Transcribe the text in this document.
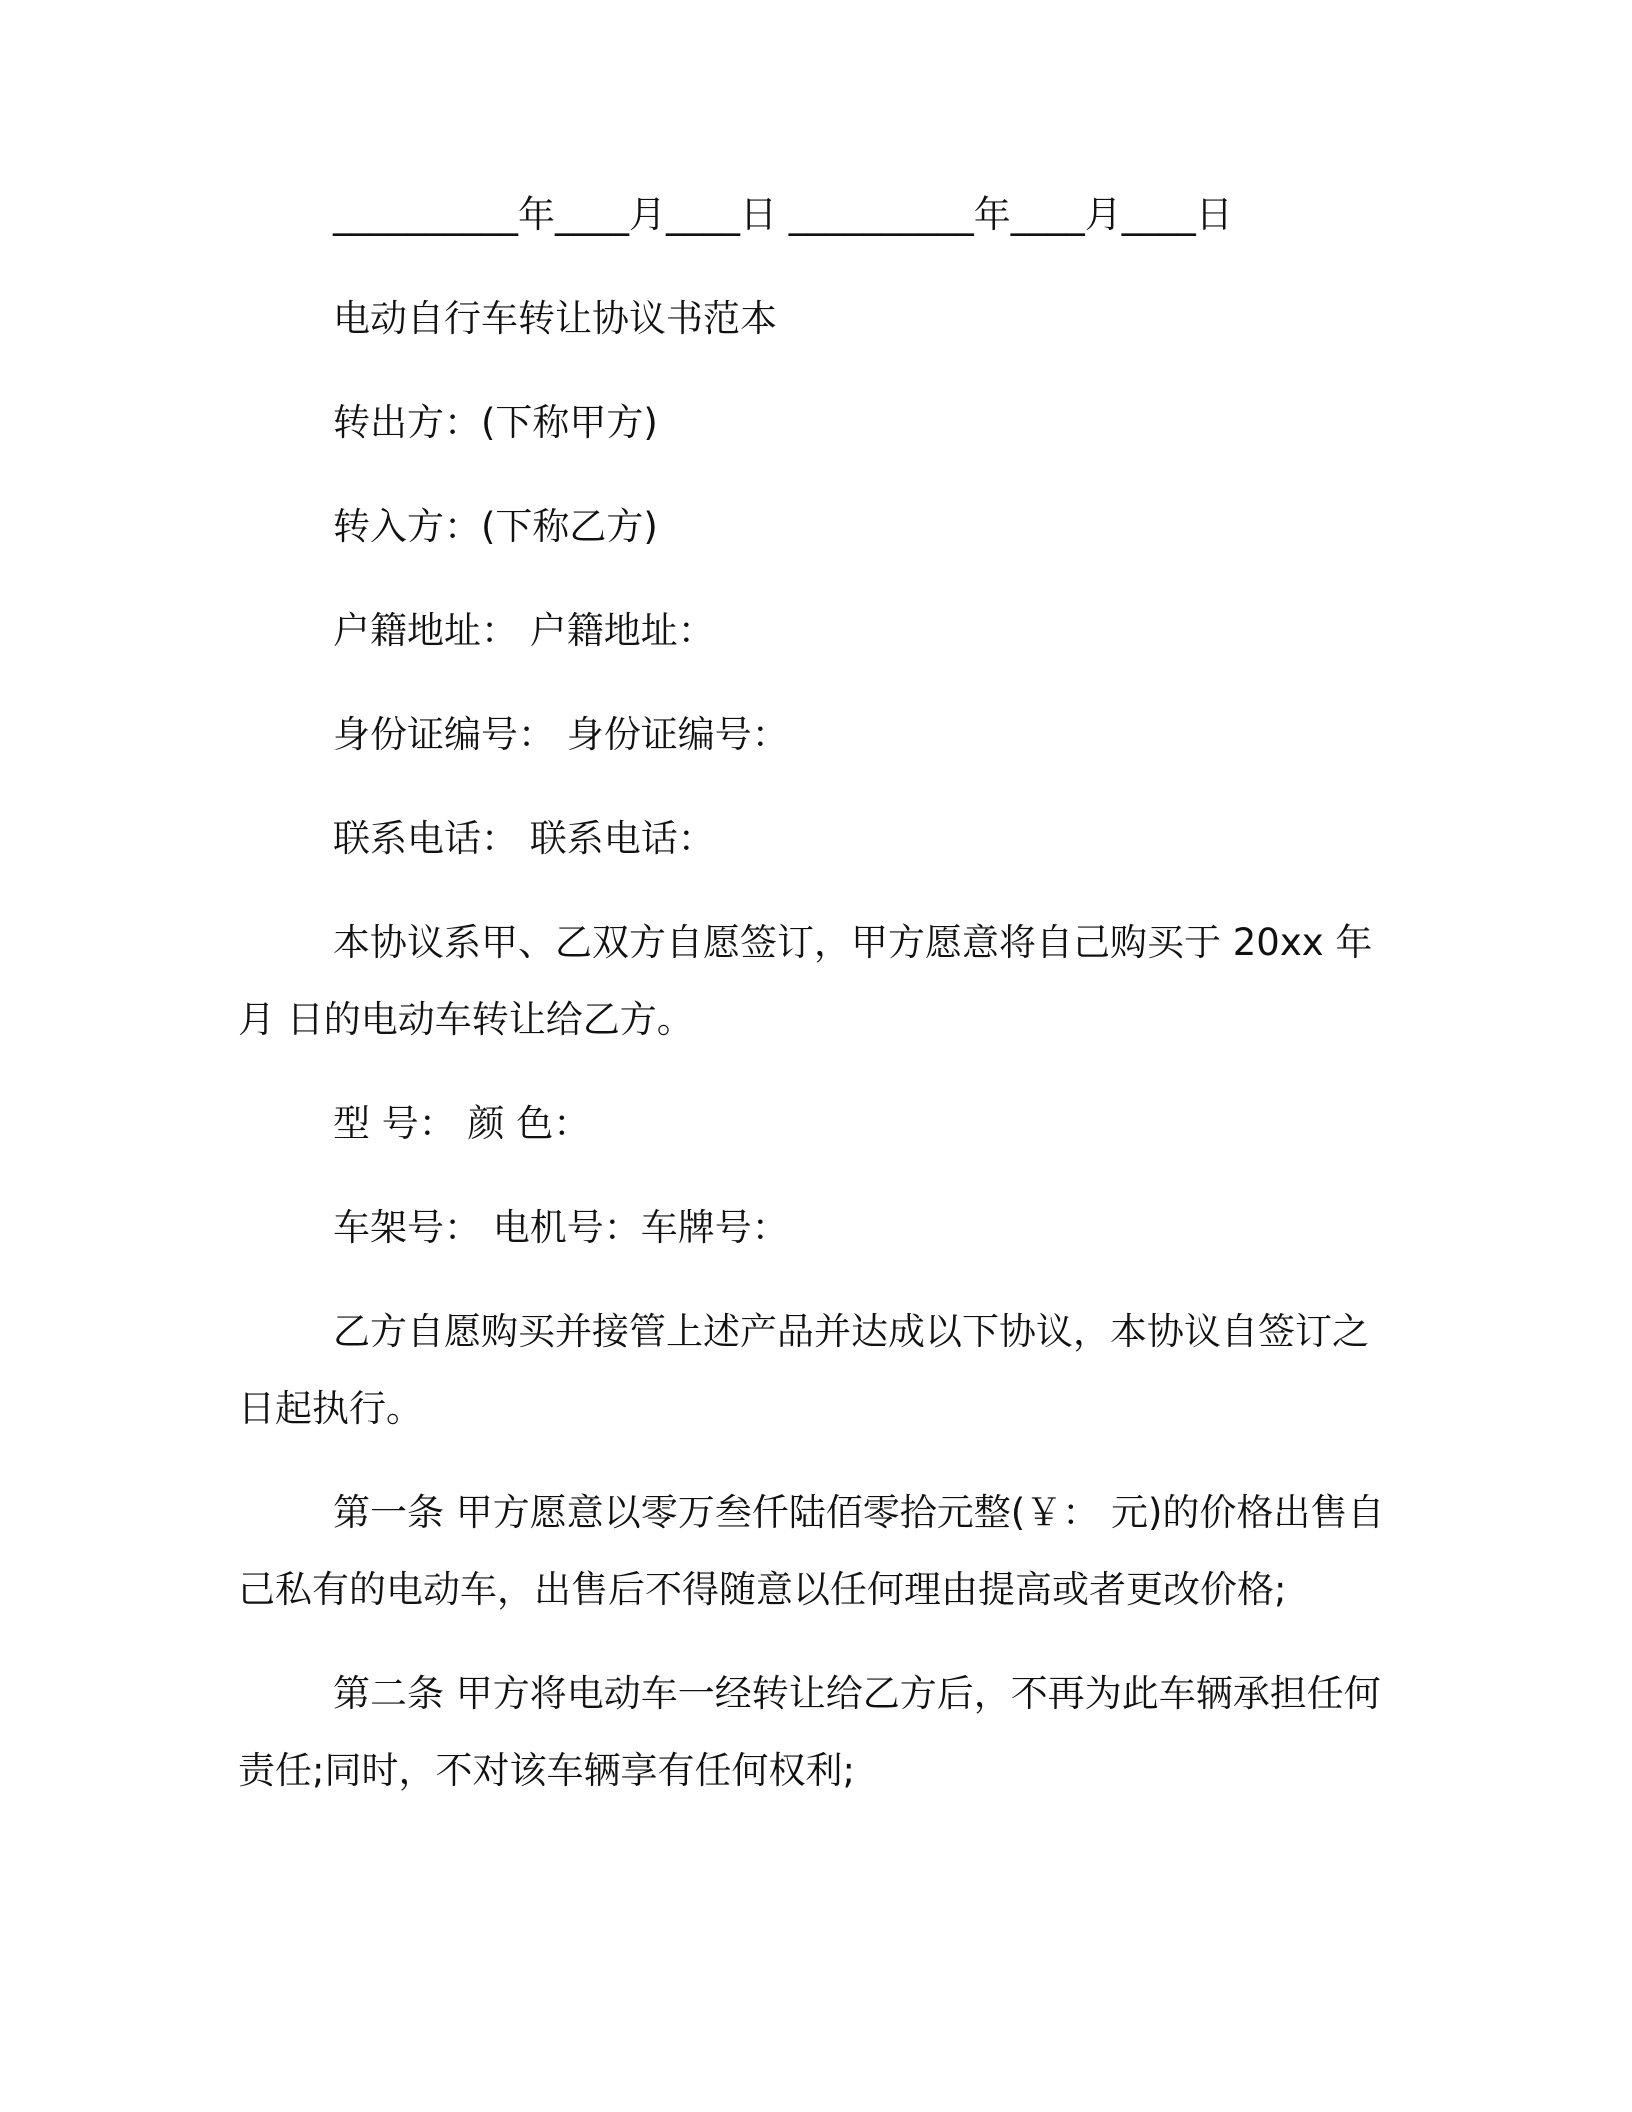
__________年____月____日 __________年____月____日
电动自行车转让协议书范本
转出方：(下称甲方)
转入方：(下称乙方)
户籍地址： 户籍地址：
身份证编号： 身份证编号：
联系电话： 联系电话：
本协议系甲、乙双方自愿签订，甲方愿意将自己购买于 20xx 年
月 日的电动车转让给乙方。
型 号： 颜 色：
车架号： 电机号：车牌号：
乙方自愿购买并接管上述产品并达成以下协议，本协议自签订之
日起执行。
第一条 甲方愿意以零万叁仟陆佰零拾元整(￥： 元)的价格出售自
己私有的电动车，出售后不得随意以任何理由提高或者更改价格;
第二条 甲方将电动车一经转让给乙方后，不再为此车辆承担任何
责任;同时，不对该车辆享有任何权利;
